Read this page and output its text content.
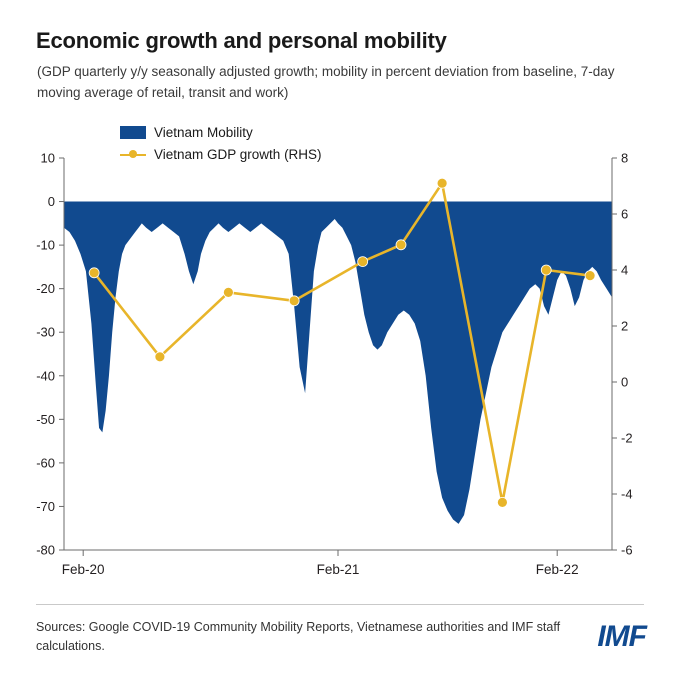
Economic growth and personal mobility
(GDP quarterly y/y seasonally adjusted growth; mobility in percent deviation from baseline, 7-day moving average of retail, transit and work)
Vietnam Mobility
Vietnam GDP growth (RHS)
10
0
-10
-20
-30
-40
-50
-60
-70
-80
8
6
4
2
0
-2
-4
-6
Feb-20	Feb-21	Feb-22
Sources: Google COVID-19 Community Mobility Reports, Vietnamese authorities and IMF staff calculations.	IMF
